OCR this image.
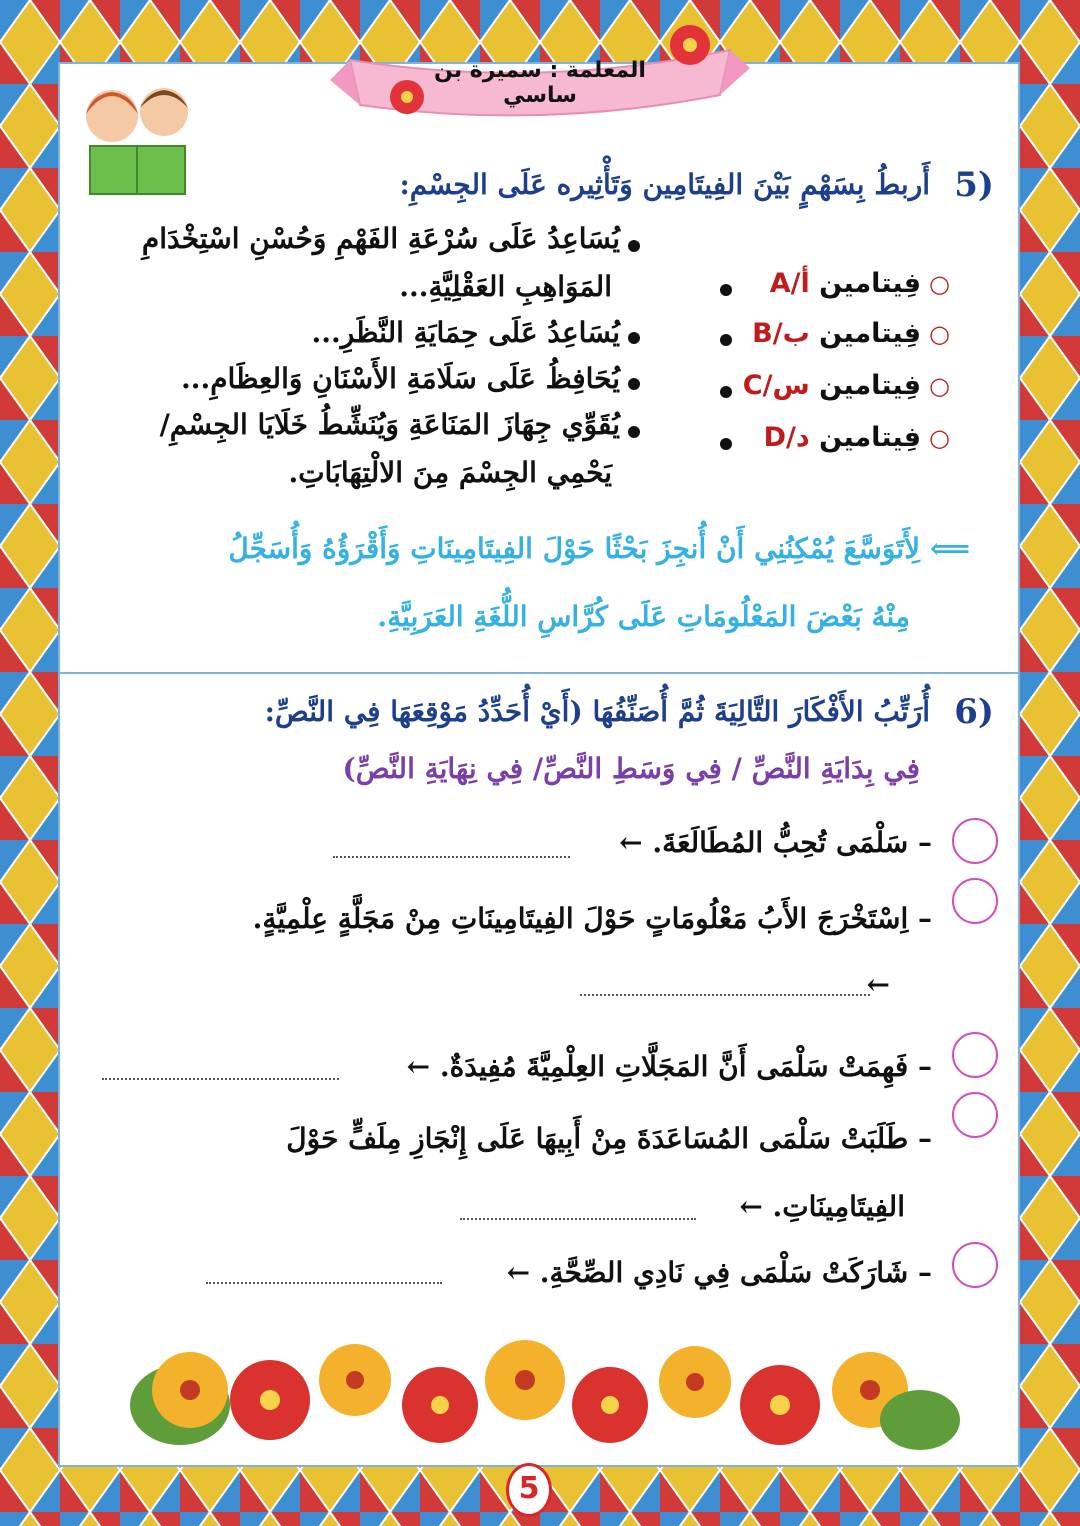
المعلمة : سميرة بن ساسي
5)
أَربطُ بِسَهْمٍ بَيْنَ الفِيتَامِين وَتَأْثِيره عَلَى الجِسْمِ:
يُسَاعِدُ عَلَى سُرْعَةِ الفَهْمِ وَحُسْنِ اسْتِخْدَامِ
المَوَاهِبِ العَقْلِيَّةِ...
يُسَاعِدُ عَلَى حِمَايَةِ النَّظَرِ...
يُحَافِظُ عَلَى سَلَامَةِ الأَسْنَانِ وَالعِظَامِ...
يُقَوِّي جِهَازَ المَنَاعَةِ وَيُنَشِّطُ خَلَايَا الجِسْمِ/
يَحْمِي الجِسْمَ مِنَ الالْتِهَابَاتِ.
○فِيتامين أ/A
○فِيتامين ب/B
○فِيتامين س/C
○فِيتامين د/D
⟸ لِأَتَوَسَّعَ يُمْكِنُنِي أَنْ أُنجِزَ بَحْثًا حَوْلَ الفِيتَامِينَاتِ وَأَقْرَؤُهُ وَأُسَجِّلُ
مِنْهُ بَعْضَ المَعْلُومَاتِ عَلَى كُرَّاسِ اللُّغَةِ العَرَبِيَّةِ.
6)
أُرَتِّبُ الأَفْكَارَ التَّالِيَةَ ثُمَّ أُصَنِّفُهَا (أَيْ أُحَدِّدُ مَوْقِعَهَا فِي النَّصِّ:
فِي بِدَايَةِ النَّصِّ / فِي وَسَطِ النَّصِّ/ فِي نِهَايَةِ النَّصِّ)
– سَلْمَى تُحِبُّ المُطَالَعَةَ. ←
– اِسْتَخْرَجَ الأَبُ مَعْلُومَاتٍ حَوْلَ الفِيتَامِينَاتِ مِنْ مَجَلَّةٍ عِلْمِيَّةٍ.
←
– فَهِمَتْ سَلْمَى أَنَّ المَجَلَّاتِ العِلْمِيَّةَ مُفِيدَةٌ. ←
– طَلَبَتْ سَلْمَى المُسَاعَدَةَ مِنْ أَبِيهَا عَلَى إِنْجَازِ مِلَفٍّ حَوْلَ
الفِيتَامِينَاتِ. ←
– شَارَكَتْ سَلْمَى فِي نَادِي الصِّحَّةِ. ←
5
